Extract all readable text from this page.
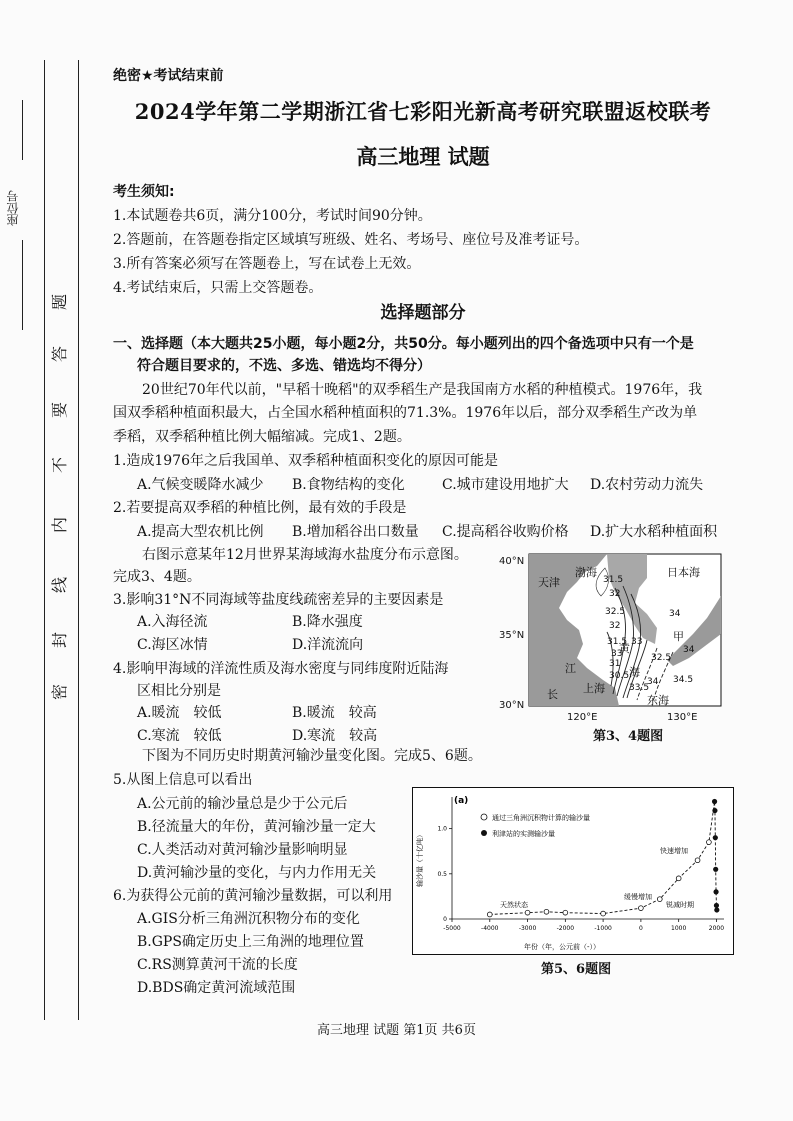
座位号
密
封
线
内
不
要
答
题
绝密★考试结束前
2024学年第二学期浙江省七彩阳光新高考研究联盟返校联考
高三地理 试题
考生须知:
1.本试题卷共6页，满分100分，考试时间90分钟。
2.答题前，在答题卷指定区域填写班级、姓名、考场号、座位号及准考证号。
3.所有答案必须写在答题卷上，写在试卷上无效。
4.考试结束后，只需上交答题卷。
选择题部分
一、选择题（本大题共25小题，每小题2分，共50分。每小题列出的四个备选项中只有一个是
符合题目要求的，不选、多选、错选均不得分）
20世纪70年代以前，"早稻十晚稻"的双季稻生产是我国南方水稻的种植模式。1976年，我
国双季稻种植面积最大，占全国水稻种植面积的71.3%。1976年以后，部分双季稻生产改为单
季稻，双季稻种植比例大幅缩减。完成1、2题。
1.造成1976年之后我国单、双季稻种植面积变化的原因可能是
A.气候变暖降水减少 B.食物结构的变化	C.城市建设用地扩大 D.农村劳动力流失
2.若要提高双季稻的种植比例，最有效的手段是
A.提高大型农机比例 B.增加稻谷出口数量 C.提高稻谷收购价格 D.扩大水稻种植面积
右图示意某年12月世界某海域海水盐度分布示意图。
完成3、4题。
3.影响31°N不同海域等盐度线疏密差异的主要因素是
A.入海径流	B.降水强度
C.海区冰情	D.洋流流向
4.影响甲海域的洋流性质及海水密度与同纬度附近陆海
区相比分别是
A.暖流　较低	B.暖流　较高
C.寒流　较低	D.寒流　较高
40°N
35°N
30°N
120°E	130°E
天津
渤海	日本海
黄
海
甲
江
长 上海
东海
31.5
32
32.5
32
34
31.5 33
33	34
31
30.5
32.5
34
33.5
34.5
第3、4题图
下图为不同历史时期黄河输沙量变化图。完成5、6题。
5.从图上信息可以看出
A.公元前的输沙量总是少于公元后
B.径流量大的年份，黄河输沙量一定大
C.人类活动对黄河输沙量影响明显
D.黄河输沙量的变化，与内力作用无关
6.为获得公元前的黄河输沙量数据，可以利用
A.GIS分析三角洲沉积物分布的变化
B.GPS确定历史上三角洲的地理位置
C.RS测算黄河干流的长度
D.BDS确定黄河流域范围
(a)
输沙量（十亿吨）
年份（年，公元前（-））
-5000	-4000	-3000	-2000	-1000	0	1000	2000
0
0.5
1.0
通过三角洲沉积物计算的输沙量
利津站的实测输沙量
天然状态
缓慢增加
快速增加
锐减时期
第5、6题图
高三地理 试题 第1页 共6页
